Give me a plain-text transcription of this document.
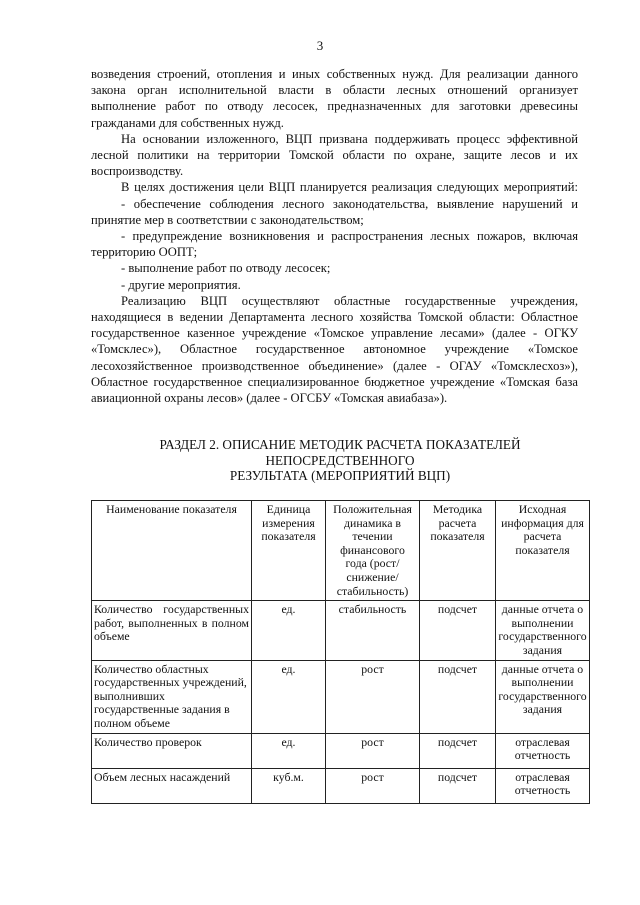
3

возведения строений, отопления и иных собственных нужд. Для реализации данного закона орган исполнительной власти в области лесных отношений организует выполнение работ по отводу лесосек, предназначенных для заготовки древесины гражданами для собственных нужд.

На основании изложенного, ВЦП призвана поддерживать процесс эффективной лесной политики на территории Томской области по охране, защите лесов и их воспроизводству.

В целях достижения цели ВЦП планируется реализация следующих мероприятий:

- обеспечение соблюдения лесного законодательства, выявление нарушений и принятие мер в соответствии с законодательством;

- предупреждение возникновения и распространения лесных пожаров, включая территорию ООПТ;

- выполнение работ по отводу лесосек;

- другие мероприятия.

Реализацию ВЦП осуществляют областные государственные учреждения, находящиеся в ведении Департамента лесного хозяйства Томской области: Областное государственное казенное учреждение «Томское управление лесами» (далее - ОГКУ «Томсклес»), Областное государственное автономное учреждение «Томское лесохозяйственное производственное объединение» (далее - ОГАУ «Томсклесхоз»), Областное государственное специализированное бюджетное учреждение «Томская база авиационной охраны лесов» (далее - ОГСБУ «Томская авиабаза»).

РАЗДЕЛ 2. ОПИСАНИЕ МЕТОДИК РАСЧЕТА ПОКАЗАТЕЛЕЙ
НЕПОСРЕДСТВЕННОГО
РЕЗУЛЬТАТА (МЕРОПРИЯТИЙ ВЦП)
Наименование показателя	Единица измерения показателя	Положительная динамика в течении финансового года (рост/ снижение/стабильность)	Методика расчета показателя	Исходная информация для расчета показателя
Количество государственных работ, выполненных в полном объеме	ед.	стабильность	подсчет	данные отчета о выполнении государственного задания
Количество областных государственных учреждений, выполнивших государственные задания в полном объеме	ед.	рост	подсчет	данные отчета о выполнении государственного задания
Количество проверок	ед.	рост	подсчет	отраслевая отчетность
Объем лесных насаждений	куб.м.	рост	подсчет	отраслевая отчетность
